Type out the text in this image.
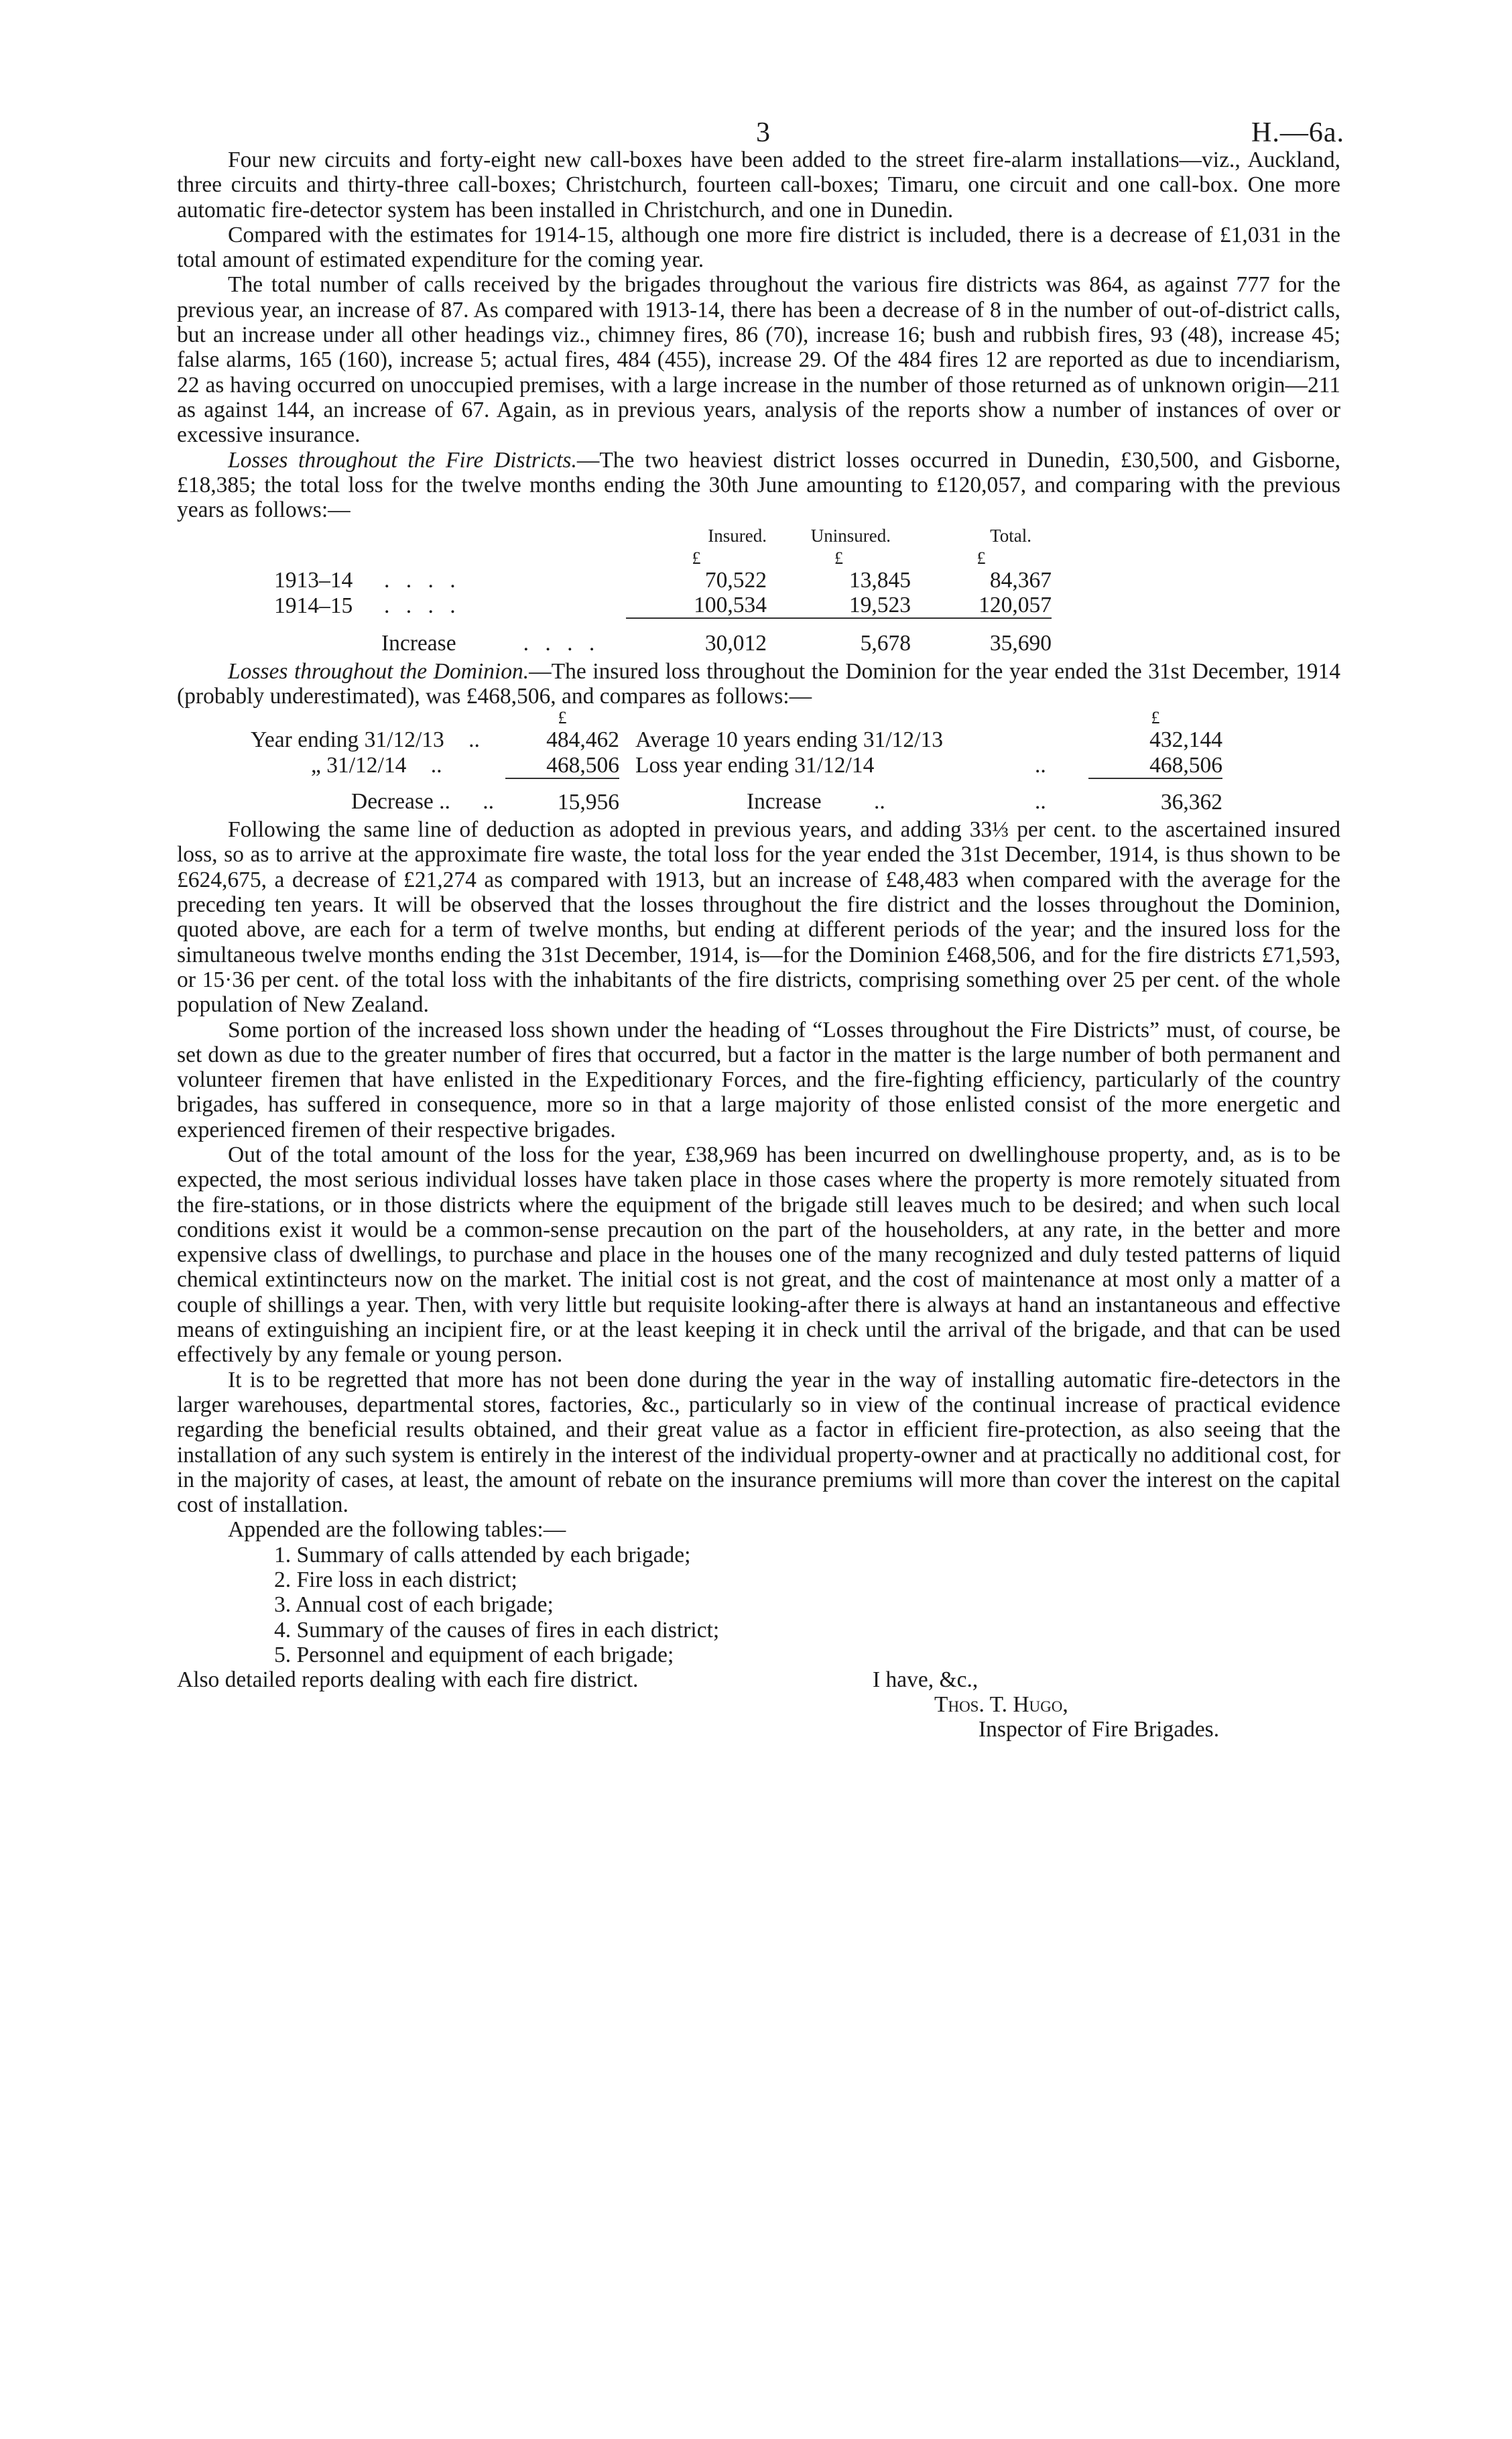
3	H.—6a.

Four new circuits and forty-eight new call-boxes have been added to the street fire-alarm installations—viz., Auckland, three circuits and thirty-three call-boxes; Christchurch, fourteen call-boxes; Timaru, one circuit and one call-box. One more automatic fire-detector system has been installed in Christchurch, and one in Dunedin.

Compared with the estimates for 1914-15, although one more fire district is included, there is a decrease of £1,031 in the total amount of estimated expenditure for the coming year.

The total number of calls received by the brigades throughout the various fire districts was 864, as against 777 for the previous year, an increase of 87. As compared with 1913-14, there has been a decrease of 8 in the number of out-of-district calls, but an increase under all other headings viz., chimney fires, 86 (70), increase 16; bush and rubbish fires, 93 (48), increase 45; false alarms, 165 (160), increase 5; actual fires, 484 (455), increase 29. Of the 484 fires 12 are reported as due to incendiarism, 22 as having occurred on unoccupied premises, with a large increase in the number of those returned as of unknown origin—211 as against 144, an increase of 67. Again, as in previous years, analysis of the reports show a number of instances of over or excessive insurance.

Losses throughout the Fire Districts.—The two heaviest district losses occurred in Dunedin, £30,500, and Gisborne, £18,385; the total loss for the twelve months ending the 30th June amounting to £120,057, and comparing with the previous years as follows:—

		Insured.	Uninsured.	Total.
		£	£	£
1913–14	. . . .	70,522	13,845	84,367
1914–15	. . . .	100,534	19,523	120,057
Increase . . . .		30,012	5,678	35,690

Losses throughout the Dominion.—The insured loss throughout the Dominion for the year ended the 31st December, 1914 (probably underestimated), was £468,506, and compares as follows:—

	£			£
Year ending 31/12/13 ..	484,462	Average 10 years ending 31/12/13		432,144
„ 31/12/14 ..	468,506	Loss year ending 31/12/14	..	468,506
Decrease .. ..	15,956	Increase ..	..	36,362

Following the same line of deduction as adopted in previous years, and adding 33⅓ per cent. to the ascertained insured loss, so as to arrive at the approximate fire waste, the total loss for the year ended the 31st December, 1914, is thus shown to be £624,675, a decrease of £21,274 as compared with 1913, but an increase of £48,483 when compared with the average for the preceding ten years. It will be observed that the losses throughout the fire district and the losses throughout the Dominion, quoted above, are each for a term of twelve months, but ending at different periods of the year; and the insured loss for the simultaneous twelve months ending the 31st December, 1914, is—for the Dominion £468,506, and for the fire districts £71,593, or 15·36 per cent. of the total loss with the inhabitants of the fire districts, comprising something over 25 per cent. of the whole population of New Zealand.

Some portion of the increased loss shown under the heading of “Losses throughout the Fire Districts” must, of course, be set down as due to the greater number of fires that occurred, but a factor in the matter is the large number of both permanent and volunteer firemen that have enlisted in the Expeditionary Forces, and the fire-fighting efficiency, particularly of the country brigades, has suffered in consequence, more so in that a large majority of those enlisted consist of the more energetic and experienced firemen of their respective brigades.

Out of the total amount of the loss for the year, £38,969 has been incurred on dwellinghouse property, and, as is to be expected, the most serious individual losses have taken place in those cases where the property is more remotely situated from the fire-stations, or in those districts where the equipment of the brigade still leaves much to be desired; and when such local conditions exist it would be a common-sense precaution on the part of the householders, at any rate, in the better and more expensive class of dwellings, to purchase and place in the houses one of the many recognized and duly tested patterns of liquid chemical extintincteurs now on the market. The initial cost is not great, and the cost of maintenance at most only a matter of a couple of shillings a year. Then, with very little but requisite looking-after there is always at hand an instantaneous and effective means of extinguishing an incipient fire, or at the least keeping it in check until the arrival of the brigade, and that can be used effectively by any female or young person.

It is to be regretted that more has not been done during the year in the way of installing automatic fire-detectors in the larger warehouses, departmental stores, factories, &c., particularly so in view of the continual increase of practical evidence regarding the beneficial results obtained, and their great value as a factor in efficient fire-protection, as also seeing that the installation of any such system is entirely in the interest of the individual property-owner and at practically no additional cost, for in the majority of cases, at least, the amount of rebate on the insurance premiums will more than cover the interest on the capital cost of installation.

Appended are the following tables:—

1. Summary of calls attended by each brigade;
2. Fire loss in each district;
3. Annual cost of each brigade;
4. Summary of the causes of fires in each district;
5. Personnel and equipment of each brigade;
Also detailed reports dealing with each fire district.	I have, &c.,
Thos. T. Hugo,
Inspector of Fire Brigades.
